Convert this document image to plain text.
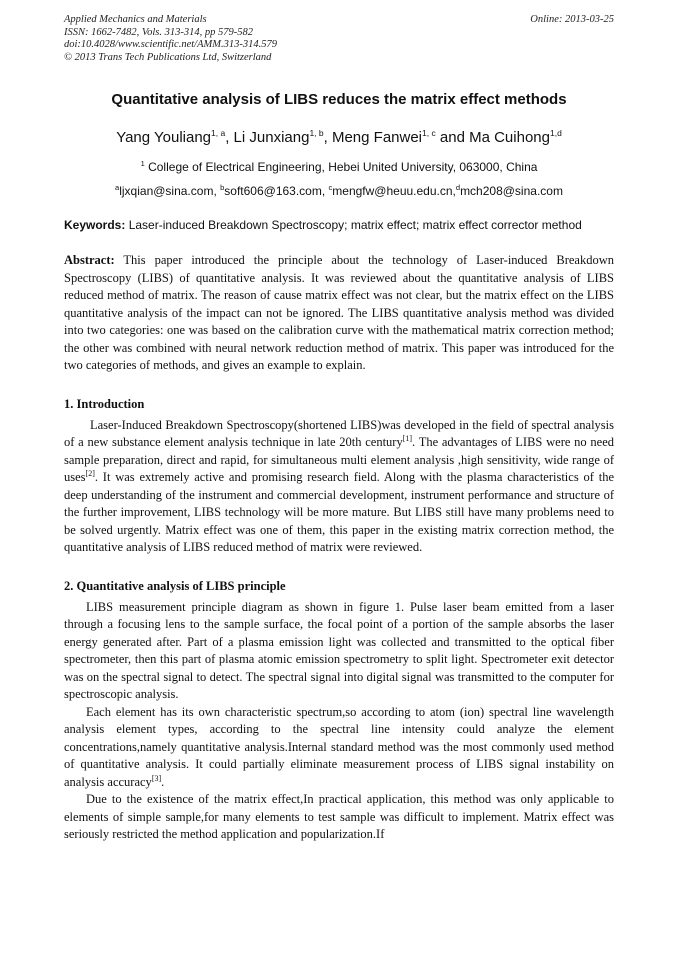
Applied Mechanics and Materials
ISSN: 1662-7482, Vols. 313-314, pp 579-582
doi:10.4028/www.scientific.net/AMM.313-314.579
© 2013 Trans Tech Publications Ltd, Switzerland
Online: 2013-03-25
Quantitative analysis of LIBS reduces the matrix effect methods
Yang Youliang$^{1, a}$, Li Junxiang$^{1, b}$, Meng Fanwei$^{1, c}$ and Ma Cuihong$^{1,d}$
$^1$ College of Electrical Engineering, Hebei United University, 063000, China
$^a$ljxqian@sina.com, $^b$soft606@163.com, $^c$mengfw@heuu.edu.cn,$^d$mch208@sina.com
Keywords: Laser-induced Breakdown Spectroscopy; matrix effect; matrix effect corrector method

Abstract: This paper introduced the principle about the technology of Laser-induced Breakdown Spectroscopy (LIBS) of quantitative analysis. It was reviewed about the quantitative analysis of LIBS reduced method of matrix. The reason of cause matrix effect was not clear, but the matrix effect on the LIBS quantitative analysis of the impact can not be ignored. The LIBS quantitative analysis method was divided into two categories: one was based on the calibration curve with the mathematical matrix correction method; the other was combined with neural network reduction method of matrix. This paper was introduced for the two categories of methods, and gives an example to explain.

1. Introduction

Laser-Induced Breakdown Spectroscopy(shortened LIBS)was developed in the field of spectral analysis of a new substance element analysis technique in late 20th century[1]. The advantages of LIBS were no need sample preparation, direct and rapid, for simultaneous multi element analysis ,high sensitivity, wide range of uses[2]. It was extremely active and promising research field. Along with the plasma characteristics of the deep understanding of the instrument and commercial development, instrument performance and structure of the further improvement, LIBS technology will be more mature. But LIBS still have many problems need to be solved urgently. Matrix effect was one of them, this paper in the existing matrix correction method, the quantitative analysis of LIBS reduced method of matrix were reviewed.

2. Quantitative analysis of LIBS principle

LIBS measurement principle diagram as shown in figure 1. Pulse laser beam emitted from a laser through a focusing lens to the sample surface, the focal point of a portion of the sample absorbs the laser energy generated after. Part of a plasma emission light was collected and transmitted to the optical fiber spectrometer, then this part of plasma atomic emission spectrometry to split light. Spectrometer exit detector was on the spectral signal to detect. The spectral signal into digital signal was transmitted to the computer for spectroscopic analysis.

Each element has its own characteristic spectrum,so according to atom (ion) spectral line wavelength analysis element types, according to the spectral line intensity could analyze the element concentrations,namely quantitative analysis.Internal standard method was the most commonly used method of quantitative analysis. It could partially eliminate measurement process of LIBS signal instability on analysis accuracy[3].

Due to the existence of the matrix effect,In practical application, this method was only applicable to elements of simple sample,for many elements to test sample was difficult to implement. Matrix effect was seriously restricted the method application and popularization.If
